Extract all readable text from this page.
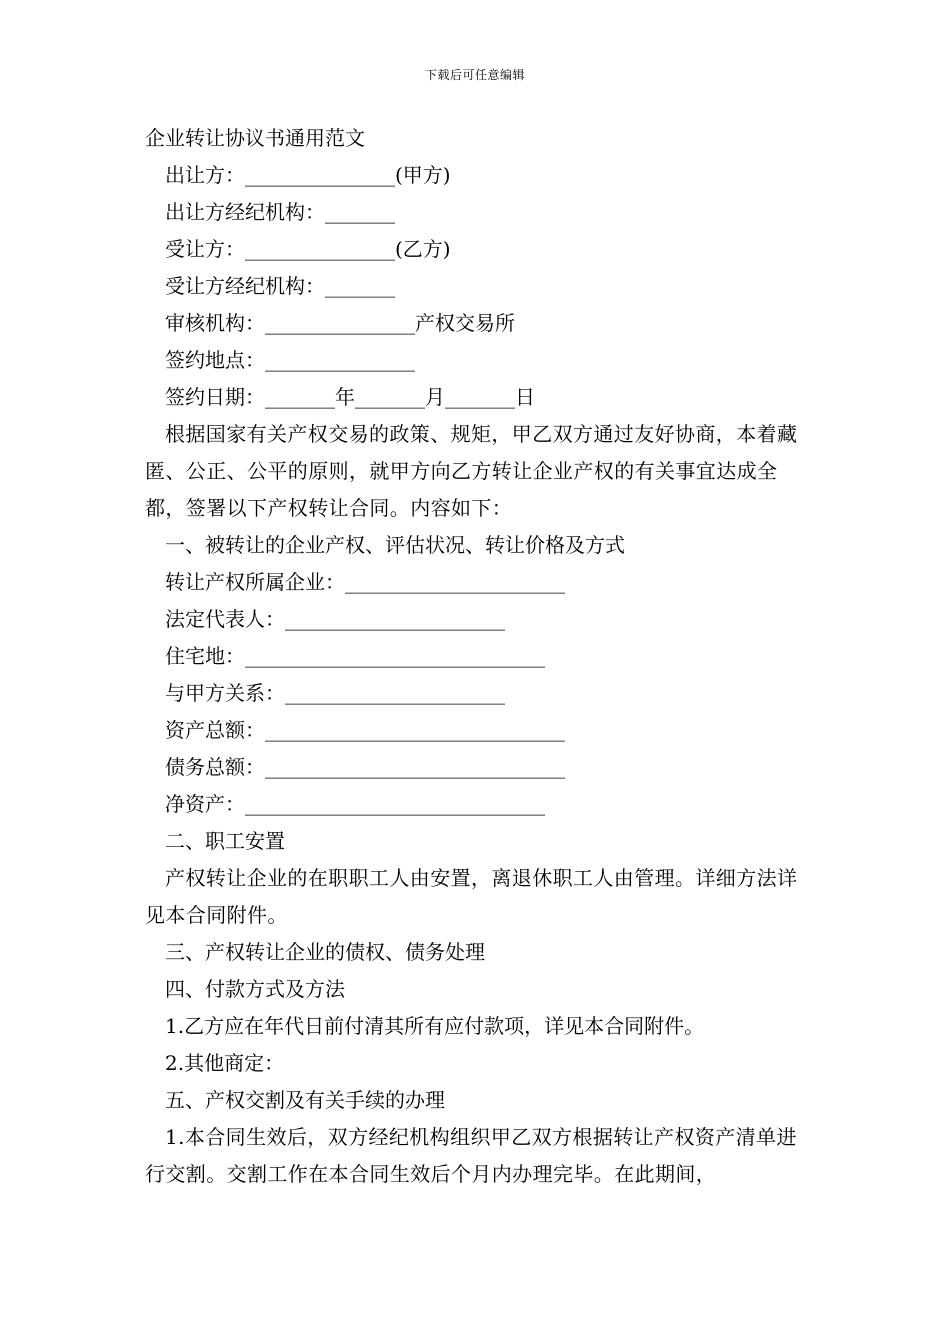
下载后可任意编辑

企业转让协议书通用范文

出让方：_______________(甲方)

出让方经纪机构：_______

受让方：_______________(乙方)

受让方经纪机构：_______

审核机构：_______________产权交易所

签约地点：_______________

签约日期：_______年_______月_______日

根据国家有关产权交易的政策、规矩，甲乙双方通过友好协商，本着藏匿、公正、公平的原则，就甲方向乙方转让企业产权的有关事宜达成全都，签署以下产权转让合同。内容如下：

一、被转让的企业产权、评估状况、转让价格及方式

转让产权所属企业：______________________

法定代表人：______________________

住宅地：______________________________

与甲方关系：______________________

资产总额：______________________________

债务总额：______________________________

净资产：______________________________

二、职工安置

产权转让企业的在职职工人由安置，离退休职工人由管理。详细方法详见本合同附件。

三、产权转让企业的债权、债务处理

四、付款方式及方法

1.乙方应在年代日前付清其所有应付款项，详见本合同附件。

2.其他商定：

五、产权交割及有关手续的办理

1.本合同生效后，双方经纪机构组织甲乙双方根据转让产权资产清单进行交割。交割工作在本合同生效后个月内办理完毕。在此期间，
